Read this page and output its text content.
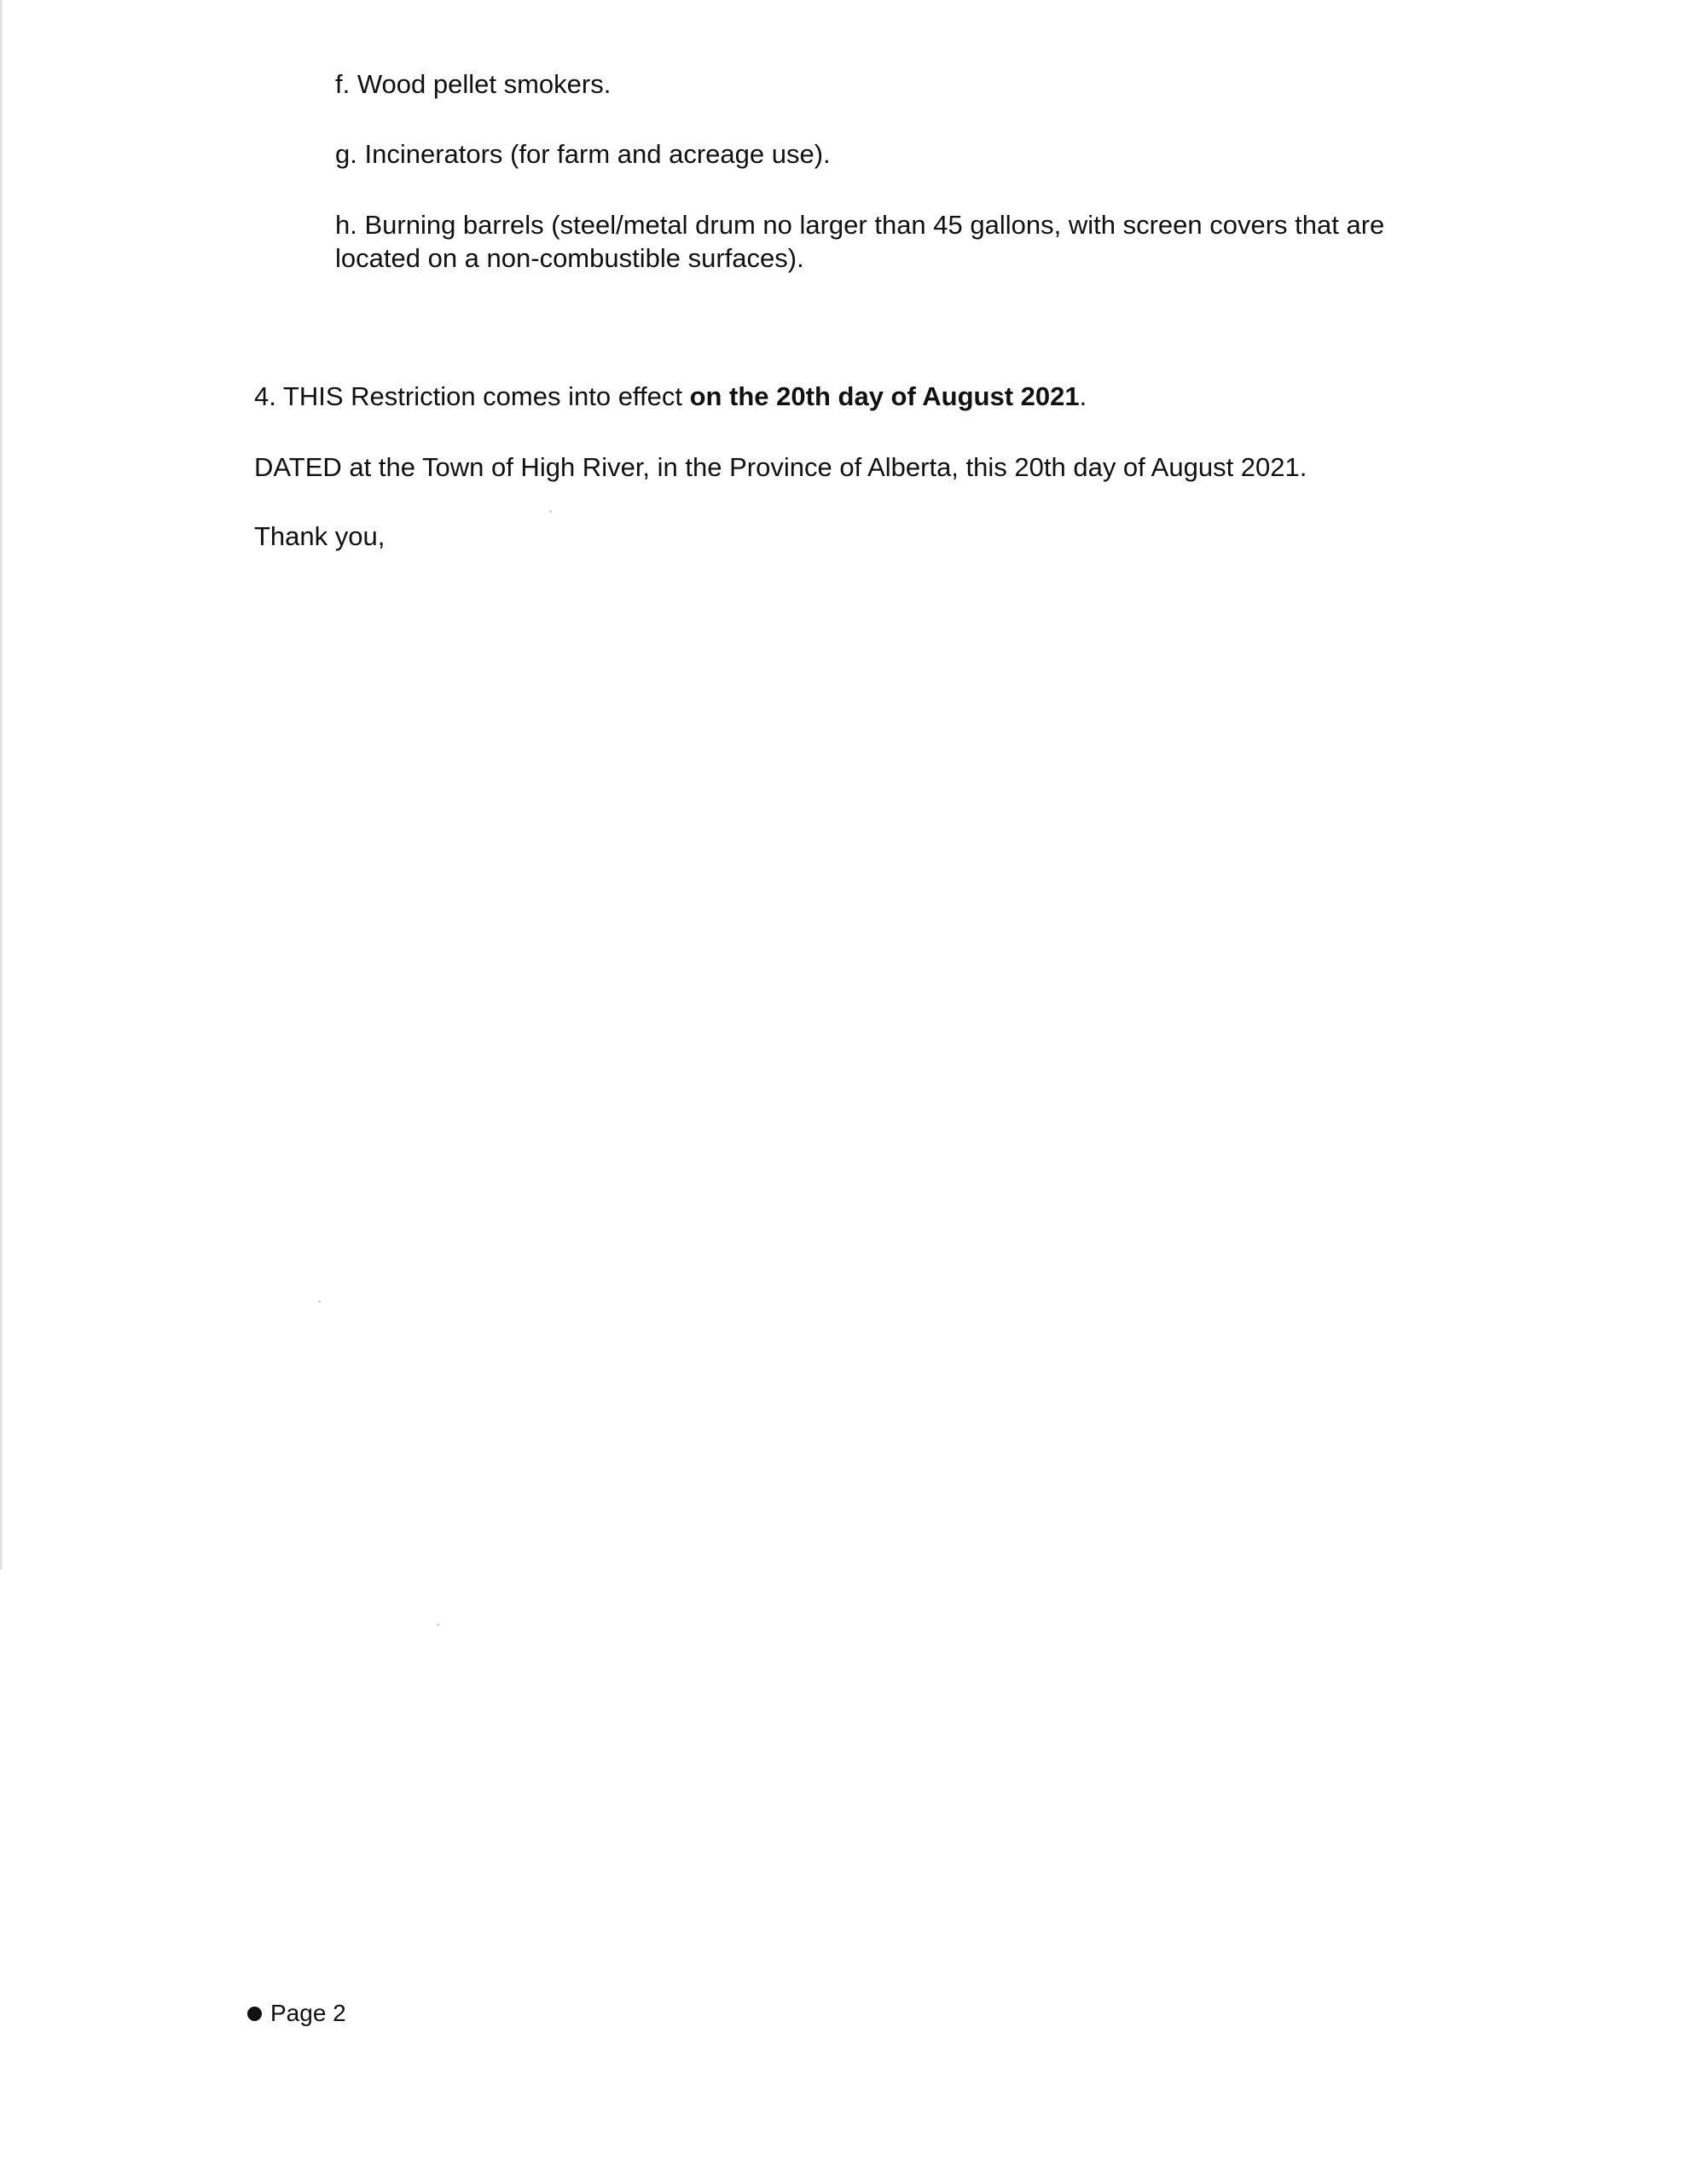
f. Wood pellet smokers.

g. Incinerators (for farm and acreage use).

h. Burning barrels (steel/metal drum no larger than 45 gallons, with screen covers that are

located on a non-combustible surfaces).

4. THIS Restriction comes into effect on the 20th day of August 2021.

DATED at the Town of High River, in the Province of Alberta, this 20th day of August 2021.

Thank you,

Page 2
